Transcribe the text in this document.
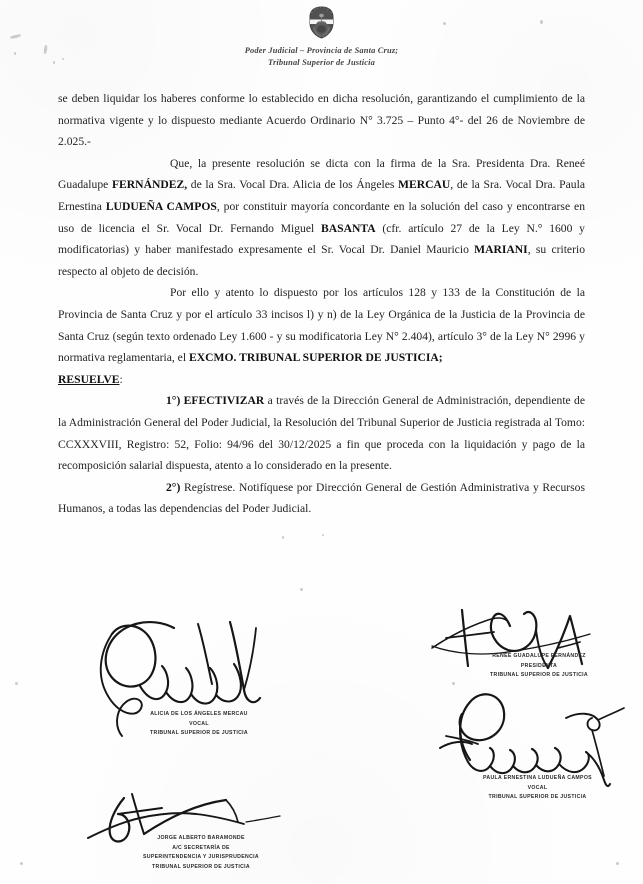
Poder Judicial – Provincia de Santa Cruz;
Tribunal Superior de Justicia

se deben liquidar los haberes conforme lo establecido en dicha resolución, garantizando el cumplimiento de la normativa vigente y lo dispuesto mediante Acuerdo Ordinario N° 3.725 – Punto 4°- del 26 de Noviembre de 2.025.-

Que, la presente resolución se dicta con la firma de la Sra. Presidenta Dra. Reneé Guadalupe FERNÁNDEZ, de la Sra. Vocal Dra. Alicia de los Ángeles MERCAU, de la Sra. Vocal Dra. Paula Ernestina LUDUEÑA CAMPOS, por constituir mayoría concordante en la solución del caso y encontrarse en uso de licencia el Sr. Vocal Dr. Fernando Miguel BASANTA (cfr. artículo 27 de la Ley N.° 1600 y modificatorias) y haber manifestado expresamente el Sr. Vocal Dr. Daniel Mauricio MARIANI, su criterio respecto al objeto de decisión.

Por ello y atento lo dispuesto por los artículos 128 y 133 de la Constitución de la Provincia de Santa Cruz y por el artículo 33 incisos l) y n) de la Ley Orgánica de la Justicia de la Provincia de Santa Cruz (según texto ordenado Ley 1.600 - y su modificatoria Ley N° 2.404), artículo 3° de la Ley N° 2996 y normativa reglamentaria, el EXCMO. TRIBUNAL SUPERIOR DE JUSTICIA;

RESUELVE:

1°) EFECTIVIZAR a través de la Dirección General de Administración, dependiente de la Administración General del Poder Judicial, la Resolución del Tribunal Superior de Justicia registrada al Tomo: CCXXXVIII, Registro: 52, Folio: 94/96 del 30/12/2025 a fin que proceda con la liquidación y pago de la recomposición salarial dispuesta, atento a lo considerado en la presente.

2°) Regístrese. Notifíquese por Dirección General de Gestión Administrativa y Recursos Humanos, a todas las dependencias del Poder Judicial.

ALICIA DE LOS ÁNGELES MERCAU
VOCAL
TRIBUNAL SUPERIOR DE JUSTICIA
RENEÉ GUADALUPE FERNÁNDEZ
PRESIDENTA
TRIBUNAL SUPERIOR DE JUSTICIA
PAULA ERNESTINA LUDUEÑA CAMPOS
VOCAL
TRIBUNAL SUPERIOR DE JUSTICIA
JORGE ALBERTO BARAMONDE
A/C SECRETARÍA DE
SUPERINTENDENCIA Y JURISPRUDENCIA
TRIBUNAL SUPERIOR DE JUSTICIA
